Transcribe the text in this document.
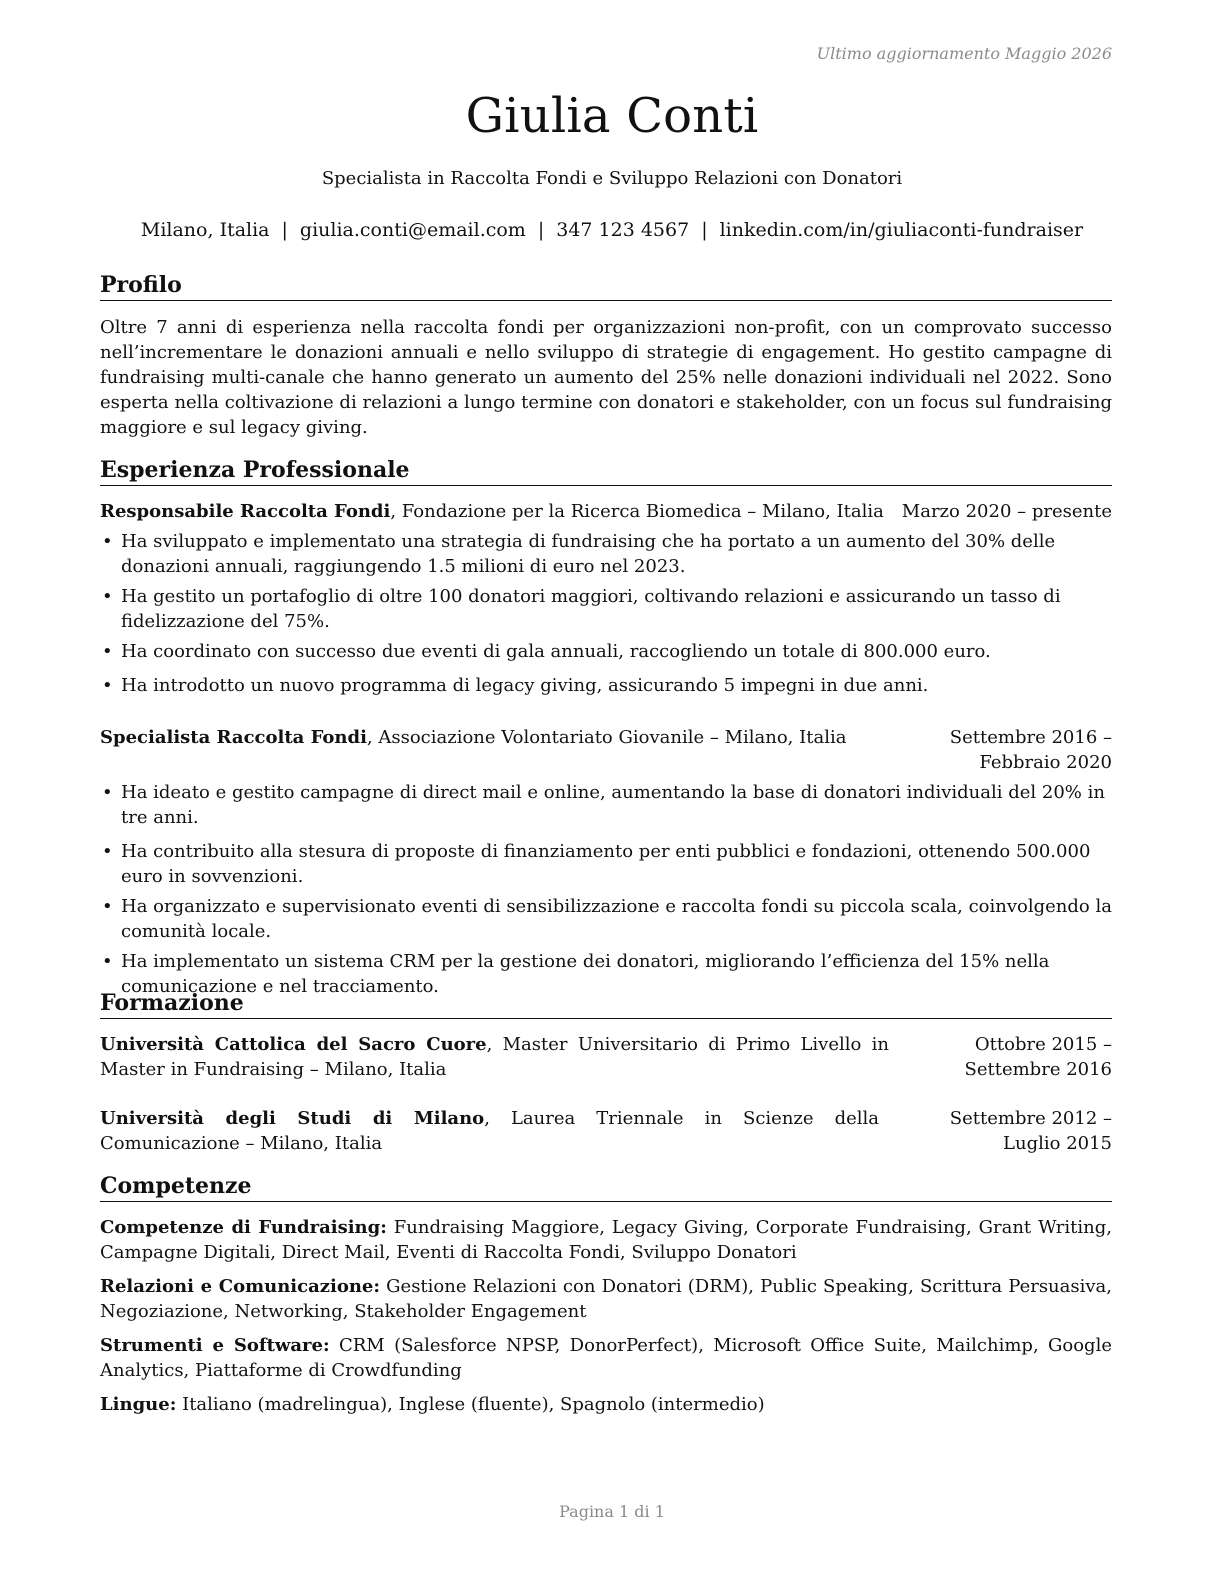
Ultimo aggiornamento Maggio 2026
Giulia Conti
Specialista in Raccolta Fondi e Sviluppo Relazioni con Donatori
Milano, Italia | giulia.conti@email.com | 347 123 4567 | linkedin.com/in/giuliaconti-fundraiser
Profilo
Oltre 7 anni di esperienza nella raccolta fondi per organizzazioni non-profit, con un comprovato successo nell’incrementare le donazioni annuali e nello sviluppo di strategie di engagement. Ho gestito campagne di fundraising multi-canale che hanno generato un aumento del 25% nelle donazioni individuali nel 2022. Sono esperta nella coltivazione di relazioni a lungo termine con donatori e stakeholder, con un focus sul fundraising maggiore e sul legacy giving.
Esperienza Professionale
Responsabile Raccolta Fondi, Fondazione per la Ricerca Biomedica – Milano, Italia Marzo 2020 – presente
• Ha sviluppato e implementato una strategia di fundraising che ha portato a un aumento del 30% delle donazioni annuali, raggiungendo 1.5 milioni di euro nel 2023.
• Ha gestito un portafoglio di oltre 100 donatori maggiori, coltivando relazioni e assicurando un tasso di fidelizzazione del 75%.
• Ha coordinato con successo due eventi di gala annuali, raccogliendo un totale di 800.000 euro.
• Ha introdotto un nuovo programma di legacy giving, assicurando 5 impegni in due anni.
Specialista Raccolta Fondi, Associazione Volontariato Giovanile – Milano, Italia	Settembre 2016 – Febbraio 2020
• Ha ideato e gestito campagne di direct mail e online, aumentando la base di donatori individuali del 20% in tre anni.
• Ha contribuito alla stesura di proposte di finanziamento per enti pubblici e fondazioni, ottenendo 500.000 euro in sovvenzioni.
• Ha organizzato e supervisionato eventi di sensibilizzazione e raccolta fondi su piccola scala, coinvolgendo la comunità locale.
• Ha implementato un sistema CRM per la gestione dei donatori, migliorando l’efficienza del 15% nella comunicazione e nel tracciamento.
Formazione
Università Cattolica del Sacro Cuore, Master Universitario di Primo Livello in Master in Fundraising – Milano, Italia
Ottobre 2015 – Settembre 2016
Università degli Studi di Milano, Laurea Triennale in Scienze della Comunicazione – Milano, Italia
Settembre 2012 – Luglio 2015
Competenze
Competenze di Fundraising: Fundraising Maggiore, Legacy Giving, Corporate Fundraising, Grant Writing, Campagne Digitali, Direct Mail, Eventi di Raccolta Fondi, Sviluppo Donatori
Relazioni e Comunicazione: Gestione Relazioni con Donatori (DRM), Public Speaking, Scrittura Persuasiva, Negoziazione, Networking, Stakeholder Engagement
Strumenti e Software: CRM (Salesforce NPSP, DonorPerfect), Microsoft Office Suite, Mailchimp, Google Analytics, Piattaforme di Crowdfunding
Lingue: Italiano (madrelingua), Inglese (fluente), Spagnolo (intermedio)
Pagina 1 di 1
